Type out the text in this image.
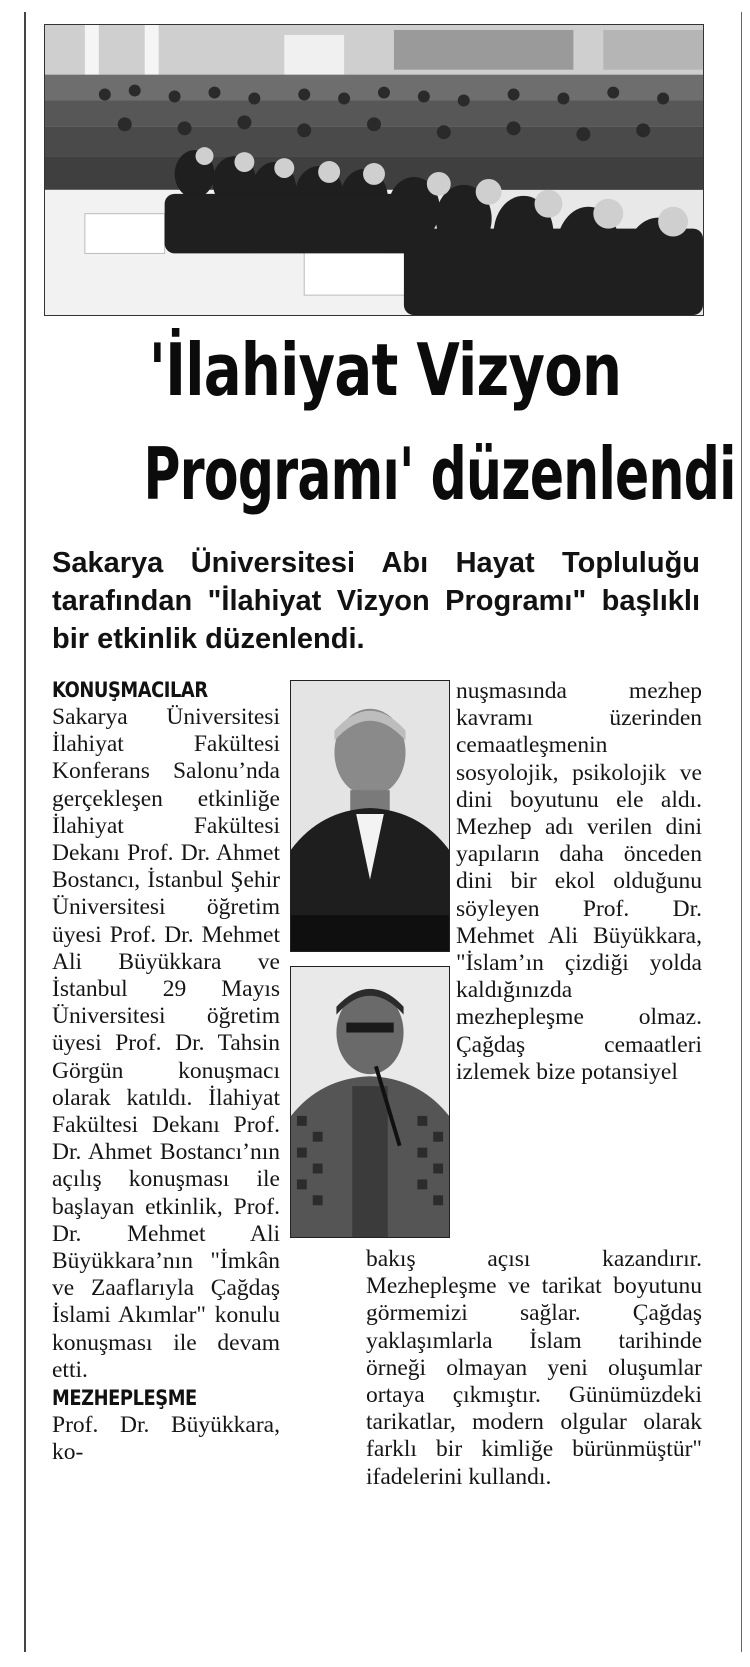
'İlahiyat Vizyon
Programı' düzenlendi

Sakarya Üniversitesi Abı Hayat Topluluğu tarafından "İlahiyat Vizyon Programı" başlıklı bir etkinlik düzenlendi.

KONUŞMACILAR

Sakarya Üniversitesi İlahiyat Fakültesi Konferans Salonu’nda gerçekleşen etkinliğe İlahiyat Fakültesi Dekanı Prof. Dr. Ahmet Bostancı, İstanbul Şehir Üniversitesi öğretim üyesi Prof. Dr. Mehmet Ali Büyükkara ve İstanbul 29 Mayıs Üniversitesi öğretim üyesi Prof. Dr. Tahsin Görgün konuşmacı olarak katıldı. İlahiyat Fakültesi Dekanı Prof. Dr. Ahmet Bostancı’nın açılış konuşması ile başlayan etkinlik, Prof. Dr. Mehmet Ali Büyükkara’nın "İmkân ve Zaaflarıyla Çağdaş İslami Akımlar" konulu konuşması ile devam etti.

MEZHEPLEŞME

Prof. Dr. Büyükkara, ko-

nuşmasında mezhep kavramı üzerinden cemaatleşmenin sosyolojik, psikolojik ve dini boyutunu ele aldı. Mezhep adı verilen dini yapıların daha önceden dini bir ekol olduğunu söyleyen Prof. Dr. Mehmet Ali Büyükkara, "İslam’ın çizdiği yolda kaldığınızda mezhepleşme olmaz. Çağdaş cemaatleri izlemek bize potansiyel

bakış açısı kazandırır. Mezhepleşme ve tarikat boyutunu görmemizi sağlar. Çağdaş yaklaşımlarla İslam tarihinde örneği olmayan yeni oluşumlar ortaya çıkmıştır. Günümüzdeki tarikatlar, modern olgular olarak farklı bir kimliğe bürünmüştür" ifadelerini kullandı.
